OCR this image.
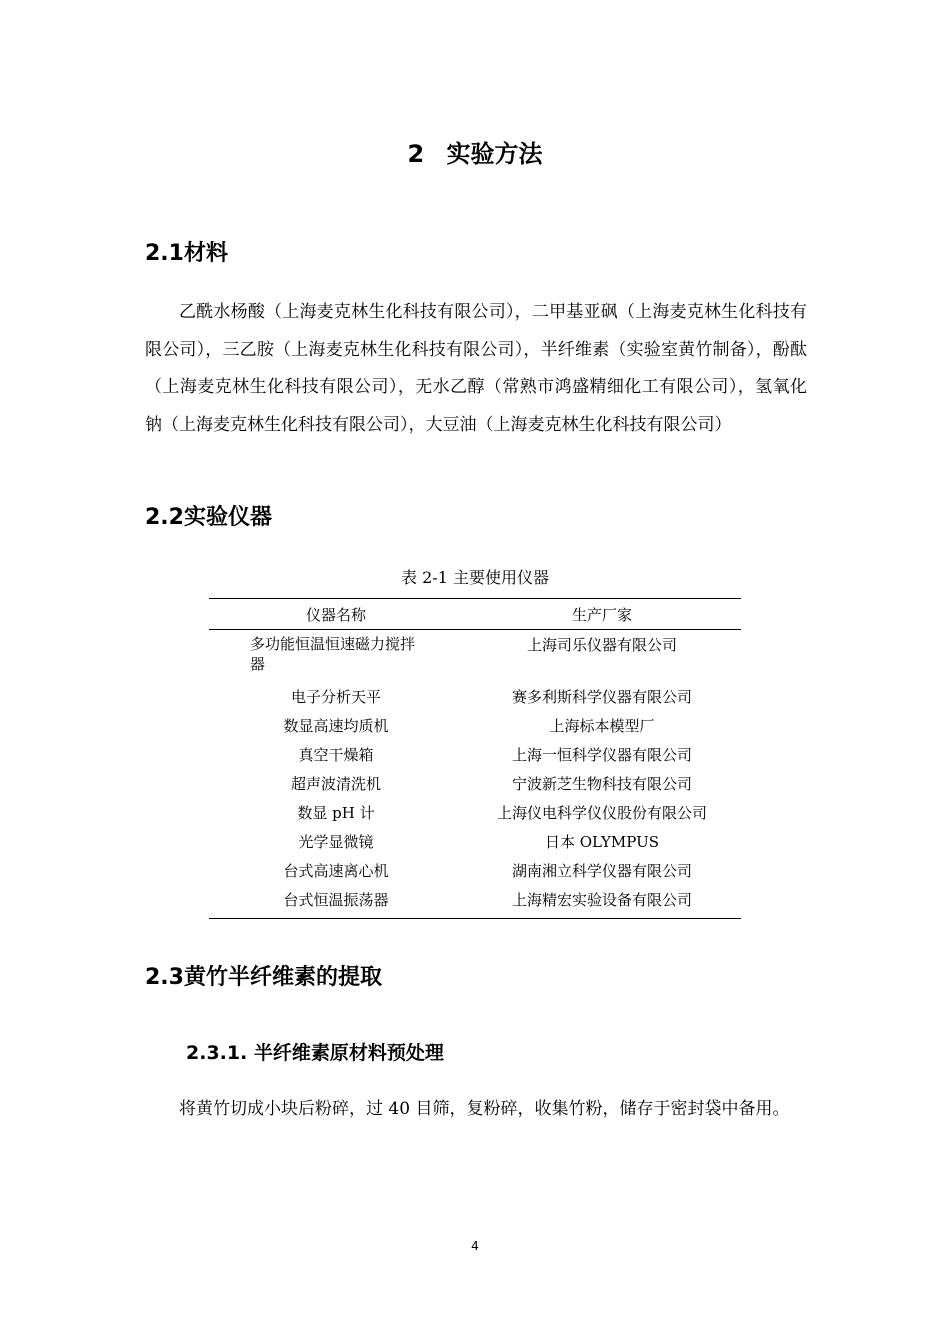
2 实验方法
2.1材料
乙酰水杨酸（上海麦克林生化科技有限公司），二甲基亚砜（上海麦克林生化科技有限公司），三乙胺（上海麦克林生化科技有限公司），半纤维素（实验室黄竹制备），酚酞（上海麦克林生化科技有限公司），无水乙醇（常熟市鸿盛精细化工有限公司），氢氧化钠（上海麦克林生化科技有限公司），大豆油（上海麦克林生化科技有限公司）
2.2实验仪器
表 2-1 主要使用仪器
仪器名称	生产厂家
多功能恒温恒速磁力搅拌器	上海司乐仪器有限公司
电子分析天平	赛多利斯科学仪器有限公司
数显高速均质机	上海标本模型厂
真空干燥箱	上海一恒科学仪器有限公司
超声波清洗机	宁波新芝生物科技有限公司
数显 pH 计	上海仪电科学仪仪股份有限公司
光学显微镜	日本 OLYMPUS
台式高速离心机	湖南湘立科学仪器有限公司
台式恒温振荡器	上海精宏实验设备有限公司
2.3黄竹半纤维素的提取
2.3.1. 半纤维素原材料预处理
将黄竹切成小块后粉碎，过 40 目筛，复粉碎，收集竹粉，储存于密封袋中备用。
4
